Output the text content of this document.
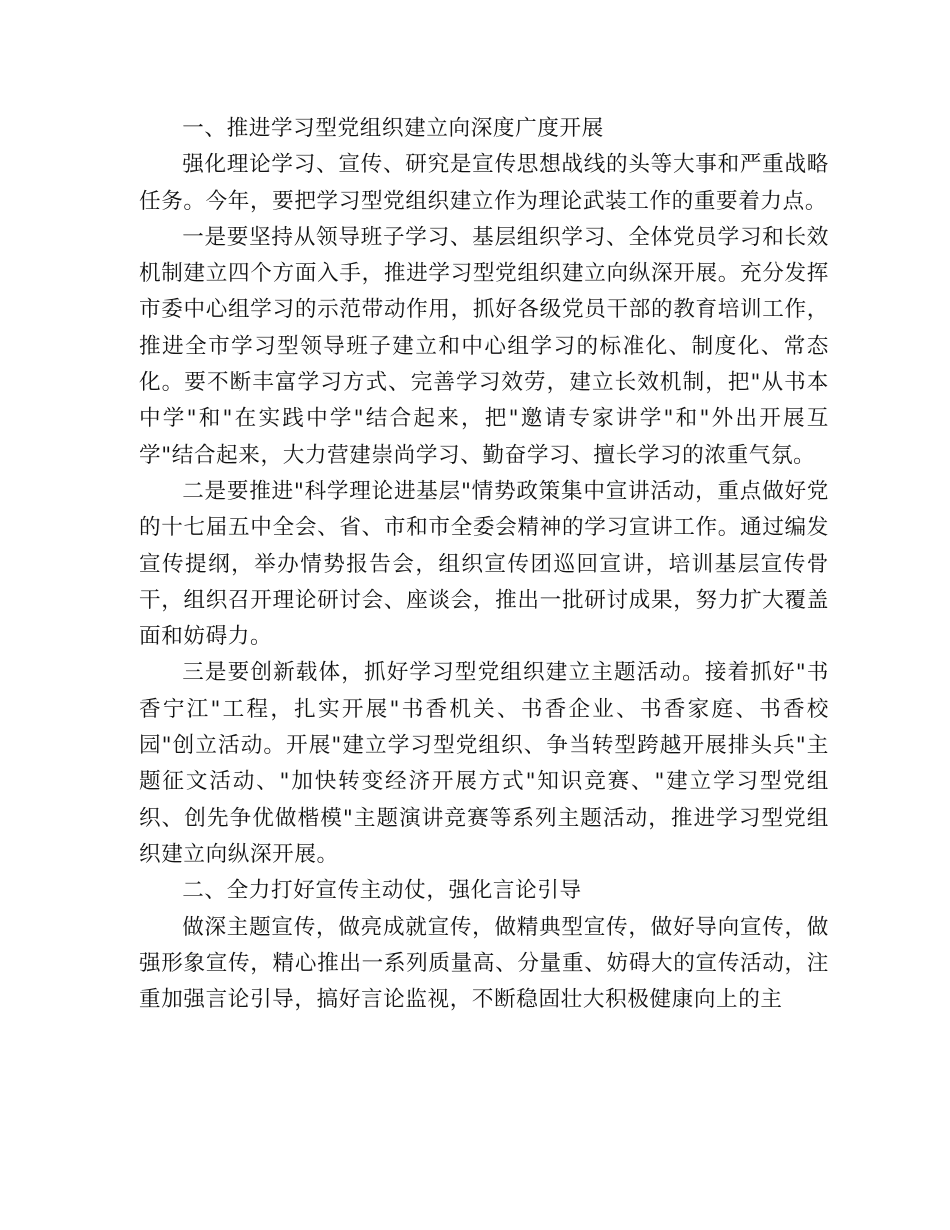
一、推进学习型党组织建立向深度广度开展

强化理论学习、宣传、研究是宣传思想战线的头等大事和严重战略任务。今年，要把学习型党组织建立作为理论武装工作的重要着力点。

一是要坚持从领导班子学习、基层组织学习、全体党员学习和长效机制建立四个方面入手，推进学习型党组织建立向纵深开展。充分发挥市委中心组学习的示范带动作用，抓好各级党员干部的教育培训工作，推进全市学习型领导班子建立和中心组学习的标准化、制度化、常态化。要不断丰富学习方式、完善学习效劳，建立长效机制，把"从书本中学"和"在实践中学"结合起来，把"邀请专家讲学"和"外出开展互学"结合起来，大力营建崇尚学习、勤奋学习、擅长学习的浓重气氛。

二是要推进"科学理论进基层"情势政策集中宣讲活动，重点做好党的十七届五中全会、省、市和市全委会精神的学习宣讲工作。通过编发宣传提纲，举办情势报告会，组织宣传团巡回宣讲，培训基层宣传骨干，组织召开理论研讨会、座谈会，推出一批研讨成果，努力扩大覆盖面和妨碍力。

三是要创新载体，抓好学习型党组织建立主题活动。接着抓好"书香宁江"工程，扎实开展"书香机关、书香企业、书香家庭、书香校园"创立活动。开展"建立学习型党组织、争当转型跨越开展排头兵"主题征文活动、"加快转变经济开展方式"知识竞赛、"建立学习型党组织、创先争优做楷模"主题演讲竞赛等系列主题活动，推进学习型党组织建立向纵深开展。

二、全力打好宣传主动仗，强化言论引导

做深主题宣传，做亮成就宣传，做精典型宣传，做好导向宣传，做强形象宣传，精心推出一系列质量高、分量重、妨碍大的宣传活动，注重加强言论引导，搞好言论监视，不断稳固壮大积极健康向上的主
